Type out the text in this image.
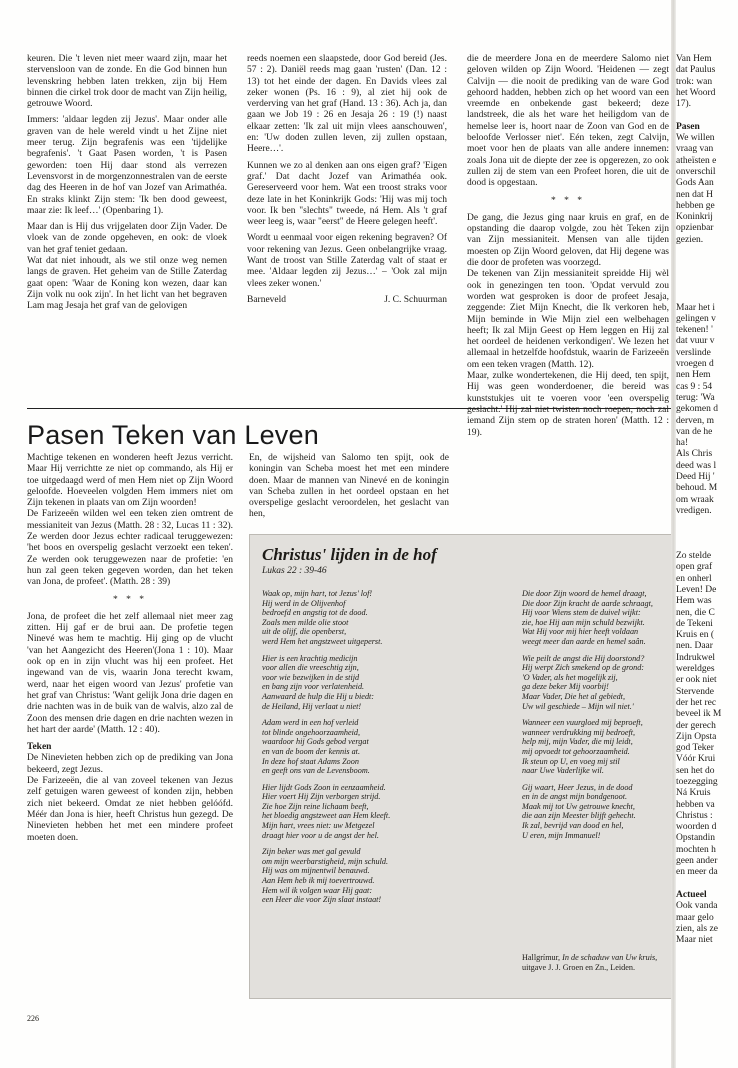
keuren. Die 't leven niet meer waard zijn, maar het stervensloon van de zonde. En die God binnen hun levenskring hebben laten trekken, zijn bij Hem binnen die cirkel trok door de macht van Zijn heilig, getrouwe Woord.

Immers: 'aldaar legden zij Jezus'. Maar onder alle graven van de hele wereld vindt u het Zijne niet meer terug. Zijn begrafenis was een 'tijdelijke begrafenis'. 't Gaat Pasen worden, 't is Pasen geworden: toen Hij daar stond als verrezen Levensvorst in de morgenzonnestralen van de eerste dag des Heeren in de hof van Jozef van Arimathéa. En straks klinkt Zijn stem: 'Ik ben dood geweest, maar zie: Ik leef…' (Openbaring 1).

Maar dan is Hij dus vrijgelaten door Zijn Vader. De vloek van de zonde opgeheven, en ook: de vloek van het graf teniet gedaan.

Wat dat niet inhoudt, als we stil onze weg nemen langs de graven. Het geheim van de Stille Zaterdag gaat open: 'Waar de Koning kon wezen, daar kan Zijn volk nu ook zijn'. In het licht van het begraven Lam mag Jesaja het graf van de gelovigen

reeds noemen een slaapstede, door God bereid (Jes. 57 : 2). Daniël reeds mag gaan 'rusten' (Dan. 12 : 13) tot het einde der dagen. En Davids vlees zal zeker wonen (Ps. 16 : 9), al ziet hij ook de verderving van het graf (Hand. 13 : 36). Ach ja, dan gaan we Job 19 : 26 en Jesaja 26 : 19 (!) naast elkaar zetten: 'Ik zal uit mijn vlees aanschouwen', en: 'Uw doden zullen leven, zij zullen opstaan, Heere…'.

Kunnen we zo al denken aan ons eigen graf? 'Eigen graf.' Dat dacht Jozef van Arimathéa ook. Gereserveerd voor hem. Wat een troost straks voor deze late in het Koninkrijk Gods: 'Hij was mij toch voor. Ik ben "slechts" tweede, ná Hem. Als 't graf weer leeg is, waar "eerst" de Heere gelegen heeft'.

Wordt u eenmaal voor eigen rekening begraven? Of voor rekening van Jezus. Geen onbelangrijke vraag. Want de troost van Stille Zaterdag valt of staat er mee. 'Aldaar legden zij Jezus…' – 'Ook zal mijn vlees zeker wonen.'

Barneveld	J. C. Schuurman

die de meerdere Jona en de meerdere Salomo niet geloven wilden op Zijn Woord. 'Heidenen — zegt Calvijn — die nooit de prediking van de ware God gehoord hadden, hebben zich op het woord van een vreemde en onbekende gast bekeerd; deze landstreek, die als het ware het heiligdom van de hemelse leer is, hoort naar de Zoon van God en de beloofde Verlosser niet'. Eén teken, zegt Calvijn, moet voor hen de plaats van alle andere innemen: zoals Jona uit de diepte der zee is opgerezen, zo ook zullen zij de stem van een Profeet horen, die uit de dood is opgestaan.

* * *

De gang, die Jezus ging naar kruis en graf, en de opstanding die daarop volgde, zou hèt Teken zijn van Zijn messianiteit. Mensen van alle tijden moesten op Zijn Woord geloven, dat Hij degene was die door de profeten was voorzegd.

De tekenen van Zijn messianiteit spreidde Hij wèl ook in genezingen ten toon. 'Opdat vervuld zou worden wat gesproken is door de profeet Jesaja, zeggende: Ziet Mijn Knecht, die Ik verkoren heb, Mijn beminde in Wie Mijn ziel een welbehagen heeft; Ik zal Mijn Geest op Hem leggen en Hij zal het oordeel de heidenen verkondigen'. We lezen het allemaal in hetzelfde hoofdstuk, waarin de Farizeeën om een teken vragen (Matth. 12).

Maar, zulke wondertekenen, die Hij deed, ten spijt, Hij was geen wonderdoener, die bereid was kunststukjes uit te voeren voor 'een overspelig geslacht.' Hij zal niet twisten noch roepen, noch zal iemand Zijn stem op de straten horen' (Matth. 12 : 19).

Pasen Teken van Leven

Machtige tekenen en wonderen heeft Jezus verricht. Maar Hij verrichtte ze niet op commando, als Hij er toe uitgedaagd werd of men Hem niet op Zijn Woord geloofde. Hoeveelen volgden Hem immers niet om Zijn tekenen in plaats van om Zijn woorden!

De Farizeeën wilden wel een teken zien omtrent de messianiteit van Jezus (Matth. 28 : 32, Lucas 11 : 32). Ze werden door Jezus echter radicaal teruggewezen: 'het boos en overspelig geslacht verzoekt een teken'. Ze werden ook teruggewezen naar de profetie: 'en hun zal geen teken gegeven worden, dan het teken van Jona, de profeet'. (Matth. 28 : 39)

* * *

Jona, de profeet die het zelf allemaal niet meer zag zitten. Hij gaf er de brui aan. De profetie tegen Ninevé was hem te machtig. Hij ging op de vlucht 'van het Aangezicht des Heeren'(Jona 1 : 10). Maar ook op en in zijn vlucht was hij een profeet. Het ingewand van de vis, waarin Jona terecht kwam, werd, naar het eigen woord van Jezus' profetie van het graf van Christus: 'Want gelijk Jona drie dagen en drie nachten was in de buik van de walvis, alzo zal de Zoon des mensen drie dagen en drie nachten wezen in het hart der aarde' (Matth. 12 : 40).

Teken

De Ninevieten hebben zich op de prediking van Jona bekeerd, zegt Jezus.

De Farizeeën, die al van zoveel tekenen van Jezus zelf getuigen waren geweest of konden zijn, hebben zich niet bekeerd. Omdat ze niet hebben gelóófd. Méér dan Jona is hier, heeft Christus hun gezegd. De Ninevieten hebben het met een mindere profeet moeten doen.

En, de wijsheid van Salomo ten spijt, ook de koningin van Scheba moest het met een mindere doen. Maar de mannen van Ninevé en de koningin van Scheba zullen in het oordeel opstaan en het overspelige geslacht veroordelen, het geslacht van hen,

Christus' lijden in de hof
Lukas 22 : 39-46

Waak op, mijn hart, tot Jezus' lof!
Hij werd in de Olijvenhof
bedroefd en angstig tot de dood.
Zoals men milde olie stoot
uit de olijf, die openberst,
werd Hem het angstzweet uitgeperst.

Hier is een krachtig medicijn
voor allen die vreeschtig zijn,
voor wie bezwijken in de stijd
en bang zijn voor verlatenheid.
Aanwaard de hulp die Hij u biedt:
de Heiland, Hij verlaat u niet!

Adam werd in een hof verleid
tot blinde ongehoorzaamheid,
waardoor hij Gods gebod vergat
en van de boom der kennis at.
In deze hof staat Adams Zoon
en geeft ons van de Levensboom.

Hier lijdt Gods Zoon in eenzaamheid.
Hier voert Hij Zijn verborgen strijd.
Zie hoe Zijn reine lichaam beeft,
het bloedig angstzweet aan Hem kleeft.
Mijn hart, vrees niet: uw Metgezel
draagt hier voor u de angst der hel.

Zijn beker was met gal gevuld
om mijn weerbarstigheid, mijn schuld.
Hij was om mijnentwil benauwd.
Aan Hem heb ik mij toevertrouwd.
Hem wil ik volgen waar Hij gaat:
een Heer die voor Zijn slaat instaat!

Die door Zijn woord de hemel draagt,
Die door Zijn kracht de aarde schraagt,
Hij voor Wiens stem de duivel wijkt:
zie, hoe Hij aan mijn schuld bezwijkt.
Wat Hij voor mij hier heeft voldaan
weegt meer dan aarde en hemel saân.

Wie peilt de angst die Hij doorstond?
Hij werpt Zich smekend op de grond:
'O Vader, als het mogelijk zij,
ga deze beker Mij voorbij!
Maar Vader, Die het al gebiedt,
Uw wil geschiede – Mijn wil niet.'

Wanneer een vuurgloed mij beproeft,
wanneer verdrukking mij bedroeft,
help mij, mijn Vader, die mij leidt,
mij opvoedt tot gehoorzaamheid.
Ik steun op U, en voeg mij stil
naar Uwe Vaderlijke wil.

Gij waart, Heer Jezus, in de dood
en in de angst mijn bondgenoot.
Maak mij tot Uw getrouwe knecht,
die aan zijn Meester blijft gehecht.
Ik zal, bevrijd van dood en hel,
U eren, mijn Immanuel!

Hallgrímur, In de schaduw van Uw kruis,
uitgave J. J. Groen en Zn., Leiden.
226
Van Hem
dat Paulus
trok: wan
het Woord
17).

Pasen
We willen
vraag van
atheïsten e
onverschil
Gods Aan
nen dat H
hebben ge
Koninkrij
opzienbar
gezien.

Maar het i
gelingen v
tekenen! '
dat vuur v
verslinde
vroegen d
nen Hem
cas 9 : 54
terug: 'Wa
gekomen d
derven, m
van de he
ha!
Als Chris
deed was l
Deed Hij '
behoud. M
om wraak
vredigen.

Zo stelde
open graf
en onherl
Leven! De
Hem was
nen, die C
de Tekeni
Kruis en (
nen. Daar
Indrukwel
wereldges
er ook niet
Stervende
der het rec
beveel ik M
der gerech
Zijn Opsta
god Teker
Vóór Krui
sen het do
toezegging
Ná Kruis
hebben va
Christus :
woorden d
Opstandin
mochten h
geen ander
en meer da

Actueel
Ook vanda
maar gelo
zien, als ze
Maar niet
